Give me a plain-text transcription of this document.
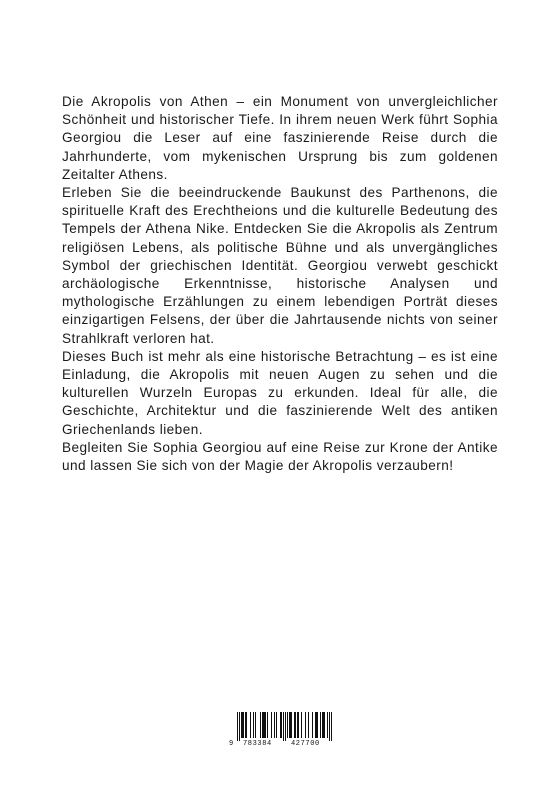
Die Akropolis von Athen – ein Monument von unvergleichlicher Schönheit und historischer Tiefe. In ihrem neuen Werk führt Sophia Georgiou die Leser auf eine faszinierende Reise durch die Jahrhunderte, vom mykenischen Ursprung bis zum goldenen Zeitalter Athens.

Erleben Sie die beeindruckende Baukunst des Parthenons, die spirituelle Kraft des Erechtheions und die kulturelle Bedeutung des Tempels der Athena Nike. Entdecken Sie die Akropolis als Zentrum religiösen Lebens, als politische Bühne und als unvergängliches Symbol der griechischen Identität. Georgiou verwebt geschickt archäologische Erkenntnisse, historische Analysen und mythologische Erzählungen zu einem lebendigen Porträt dieses einzigartigen Felsens, der über die Jahrtausende nichts von seiner Strahlkraft verloren hat.

Dieses Buch ist mehr als eine historische Betrachtung – es ist eine Einladung, die Akropolis mit neuen Augen zu sehen und die kulturellen Wurzeln Europas zu erkunden. Ideal für alle, die Geschichte, Architektur und die faszinierende Welt des antiken Griechenlands lieben.

Begleiten Sie Sophia Georgiou auf eine Reise zur Krone der Antike und lassen Sie sich von der Magie der Akropolis verzaubern!

9 783384	427700
